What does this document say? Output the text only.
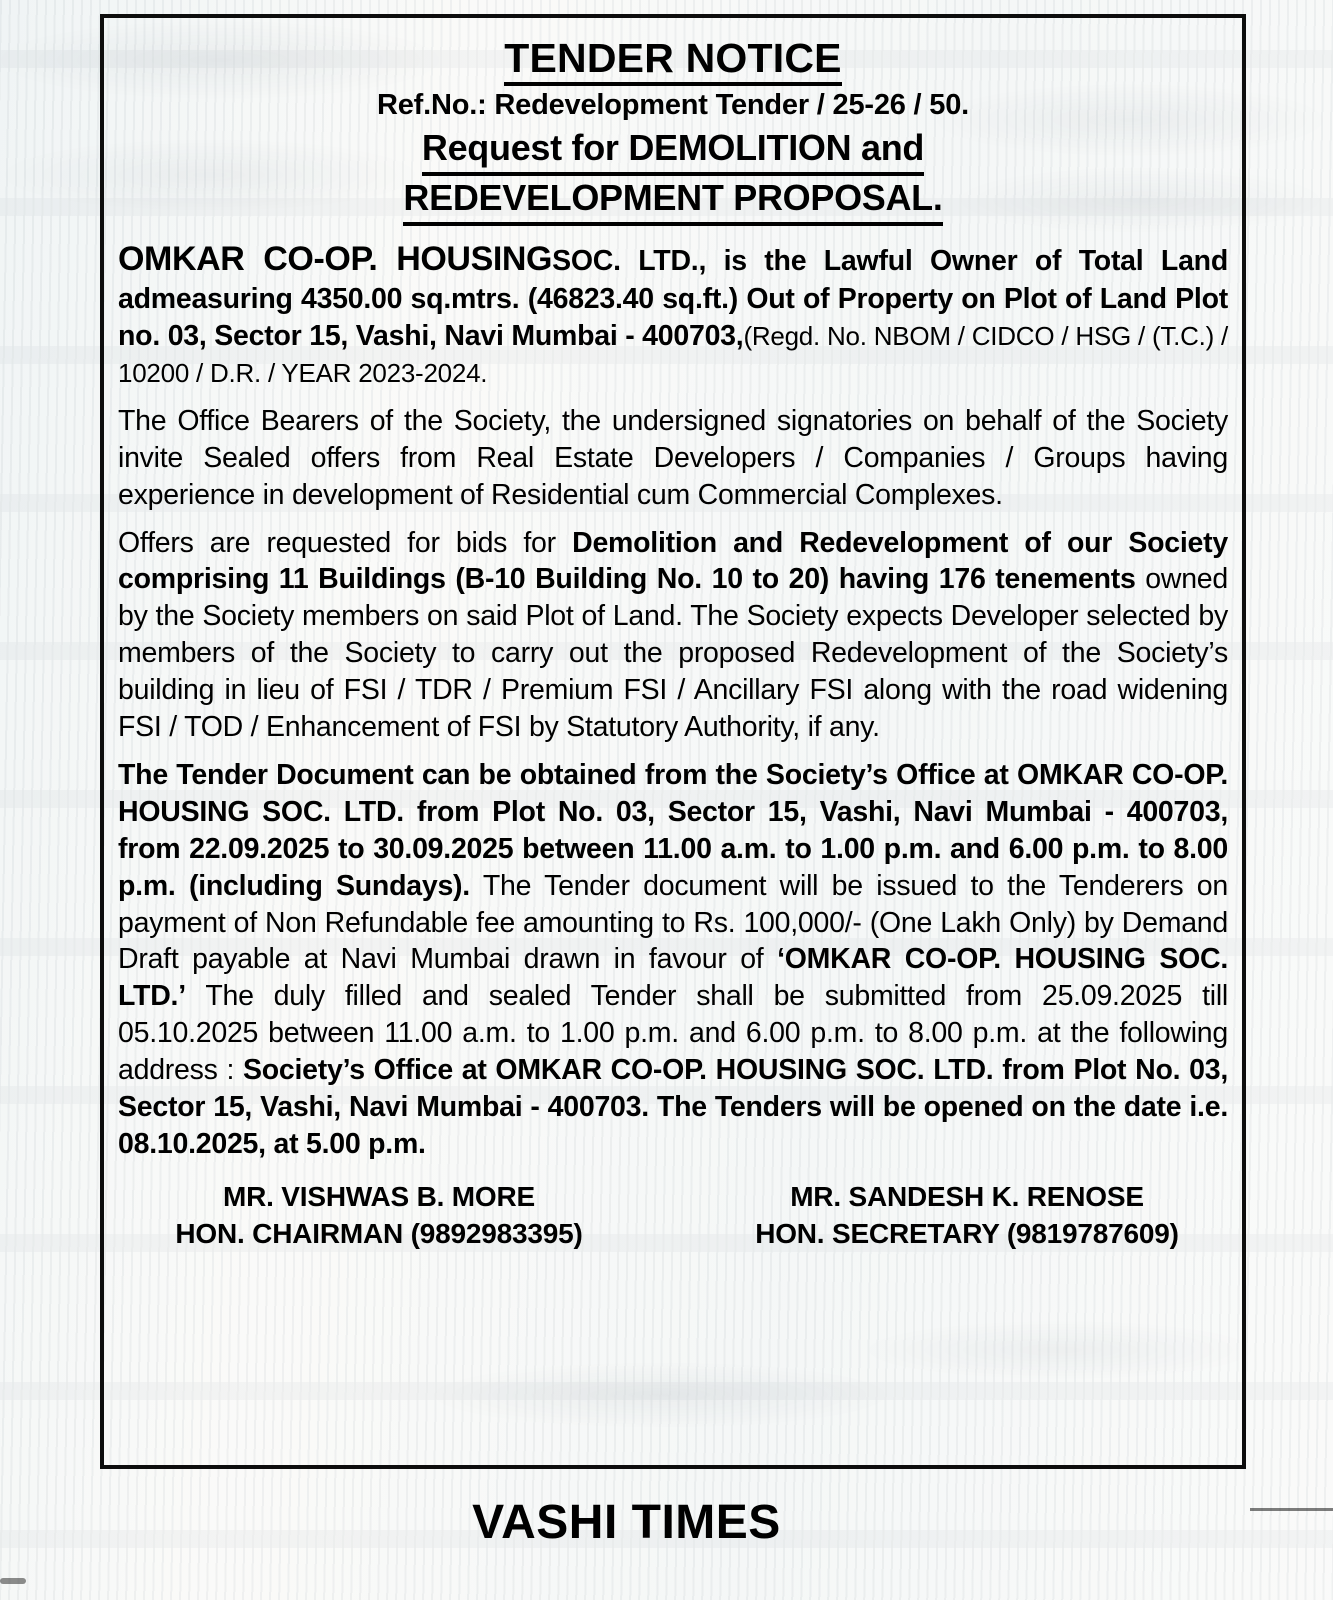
TENDER NOTICE
Ref.No.: Redevelopment Tender / 25-26 / 50.
Request for DEMOLITION and
REDEVELOPMENT PROPOSAL.
OMKAR CO-OP. HOUSINGSOC. LTD., is the Lawful Owner of Total Land admeasuring 4350.00 sq.mtrs. (46823.40 sq.ft.) Out of Property on Plot of Land Plot no. 03, Sector 15, Vashi, Navi Mumbai - 400703,(Regd. No. NBOM / CIDCO / HSG / (T.C.) / 10200 / D.R. / YEAR 2023-2024.
The Office Bearers of the Society, the undersigned signatories on behalf of the Society invite Sealed offers from Real Estate Developers / Companies / Groups having experience in development of Residential cum Commercial Complexes.
Offers are requested for bids for Demolition and Redevelopment of our Society comprising 11 Buildings (B-10 Building No. 10 to 20) having 176 tenements owned by the Society members on said Plot of Land. The Society expects Developer selected by members of the Society to carry out the proposed Redevelopment of the Society’s building in lieu of FSI / TDR / Premium FSI / Ancillary FSI along with the road widening FSI / TOD / Enhancement of FSI by Statutory Authority, if any.
The Tender Document can be obtained from the Society’s Office at OMKAR CO-OP. HOUSING SOC. LTD. from Plot No. 03, Sector 15, Vashi, Navi Mumbai - 400703, from 22.09.2025 to 30.09.2025 between 11.00 a.m. to 1.00 p.m. and 6.00 p.m. to 8.00 p.m. (including Sundays). The Tender document will be issued to the Tenderers on payment of Non Refundable fee amounting to Rs. 100,000/- (One Lakh Only) by Demand Draft payable at Navi Mumbai drawn in favour of ‘OMKAR CO-OP. HOUSING SOC. LTD.’ The duly filled and sealed Tender shall be submitted from 25.09.2025 till 05.10.2025 between 11.00 a.m. to 1.00 p.m. and 6.00 p.m. to 8.00 p.m. at the following address : Society’s Office at OMKAR CO-OP. HOUSING SOC. LTD. from Plot No. 03, Sector 15, Vashi, Navi Mumbai - 400703. The Tenders will be opened on the date i.e. 08.10.2025, at 5.00 p.m.
MR. VISHWAS B. MORE
HON. CHAIRMAN (9892983395)
MR. SANDESH K. RENOSE
HON. SECRETARY (9819787609)
VASHI TIMES
